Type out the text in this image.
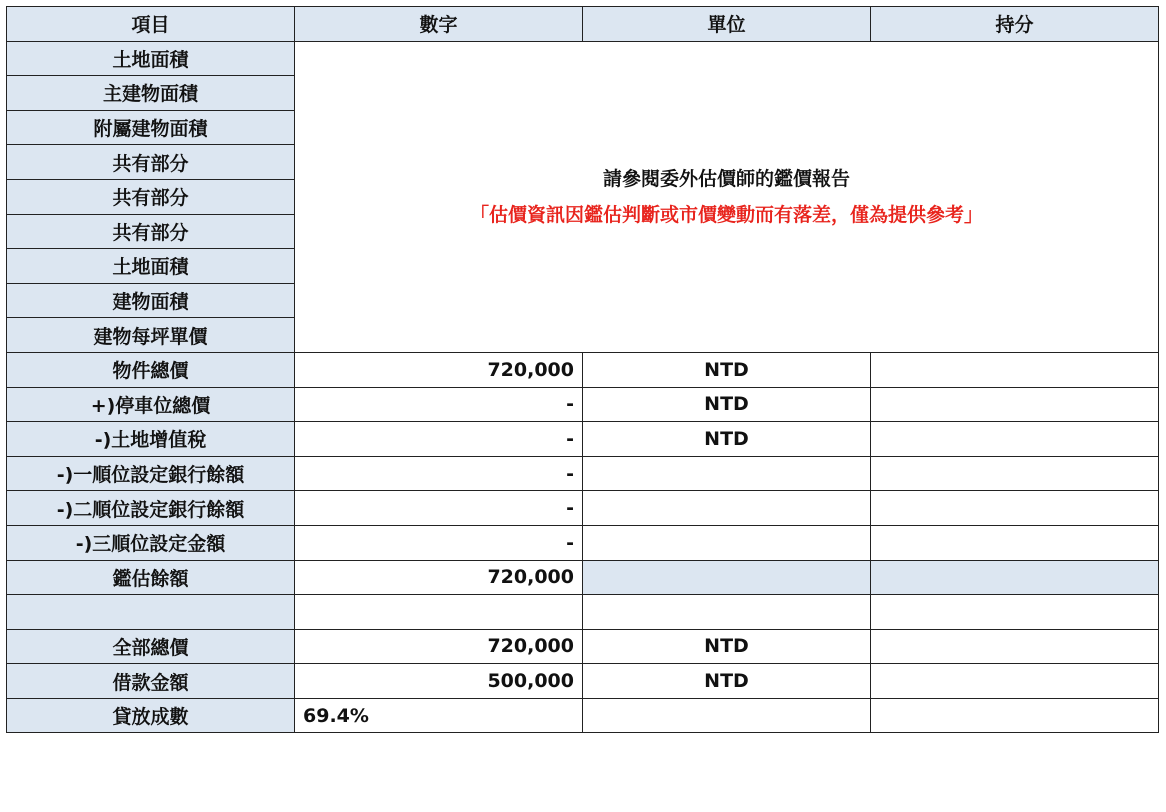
項目	數字	單位	持分
土地面積	請參閱委外估價師的鑑價報告
「估價資訊因鑑估判斷或市價變動而有落差，僅為提供參考」		

主建物面積			
附屬建物面積			
共有部分			
共有部分			
共有部分			
土地面積			
建物面積			
建物每坪單價			
物件總價	720,000	NTD	
+)停車位總價	-	NTD	
-)土地增值稅	-	NTD	
-)一順位設定銀行餘額	-		
-)二順位設定銀行餘額	-		
-)三順位設定金額	-		
鑑估餘額	720,000		

全部總價	720,000	NTD	
借款金額	500,000	NTD	
貸放成數	69.4%		
